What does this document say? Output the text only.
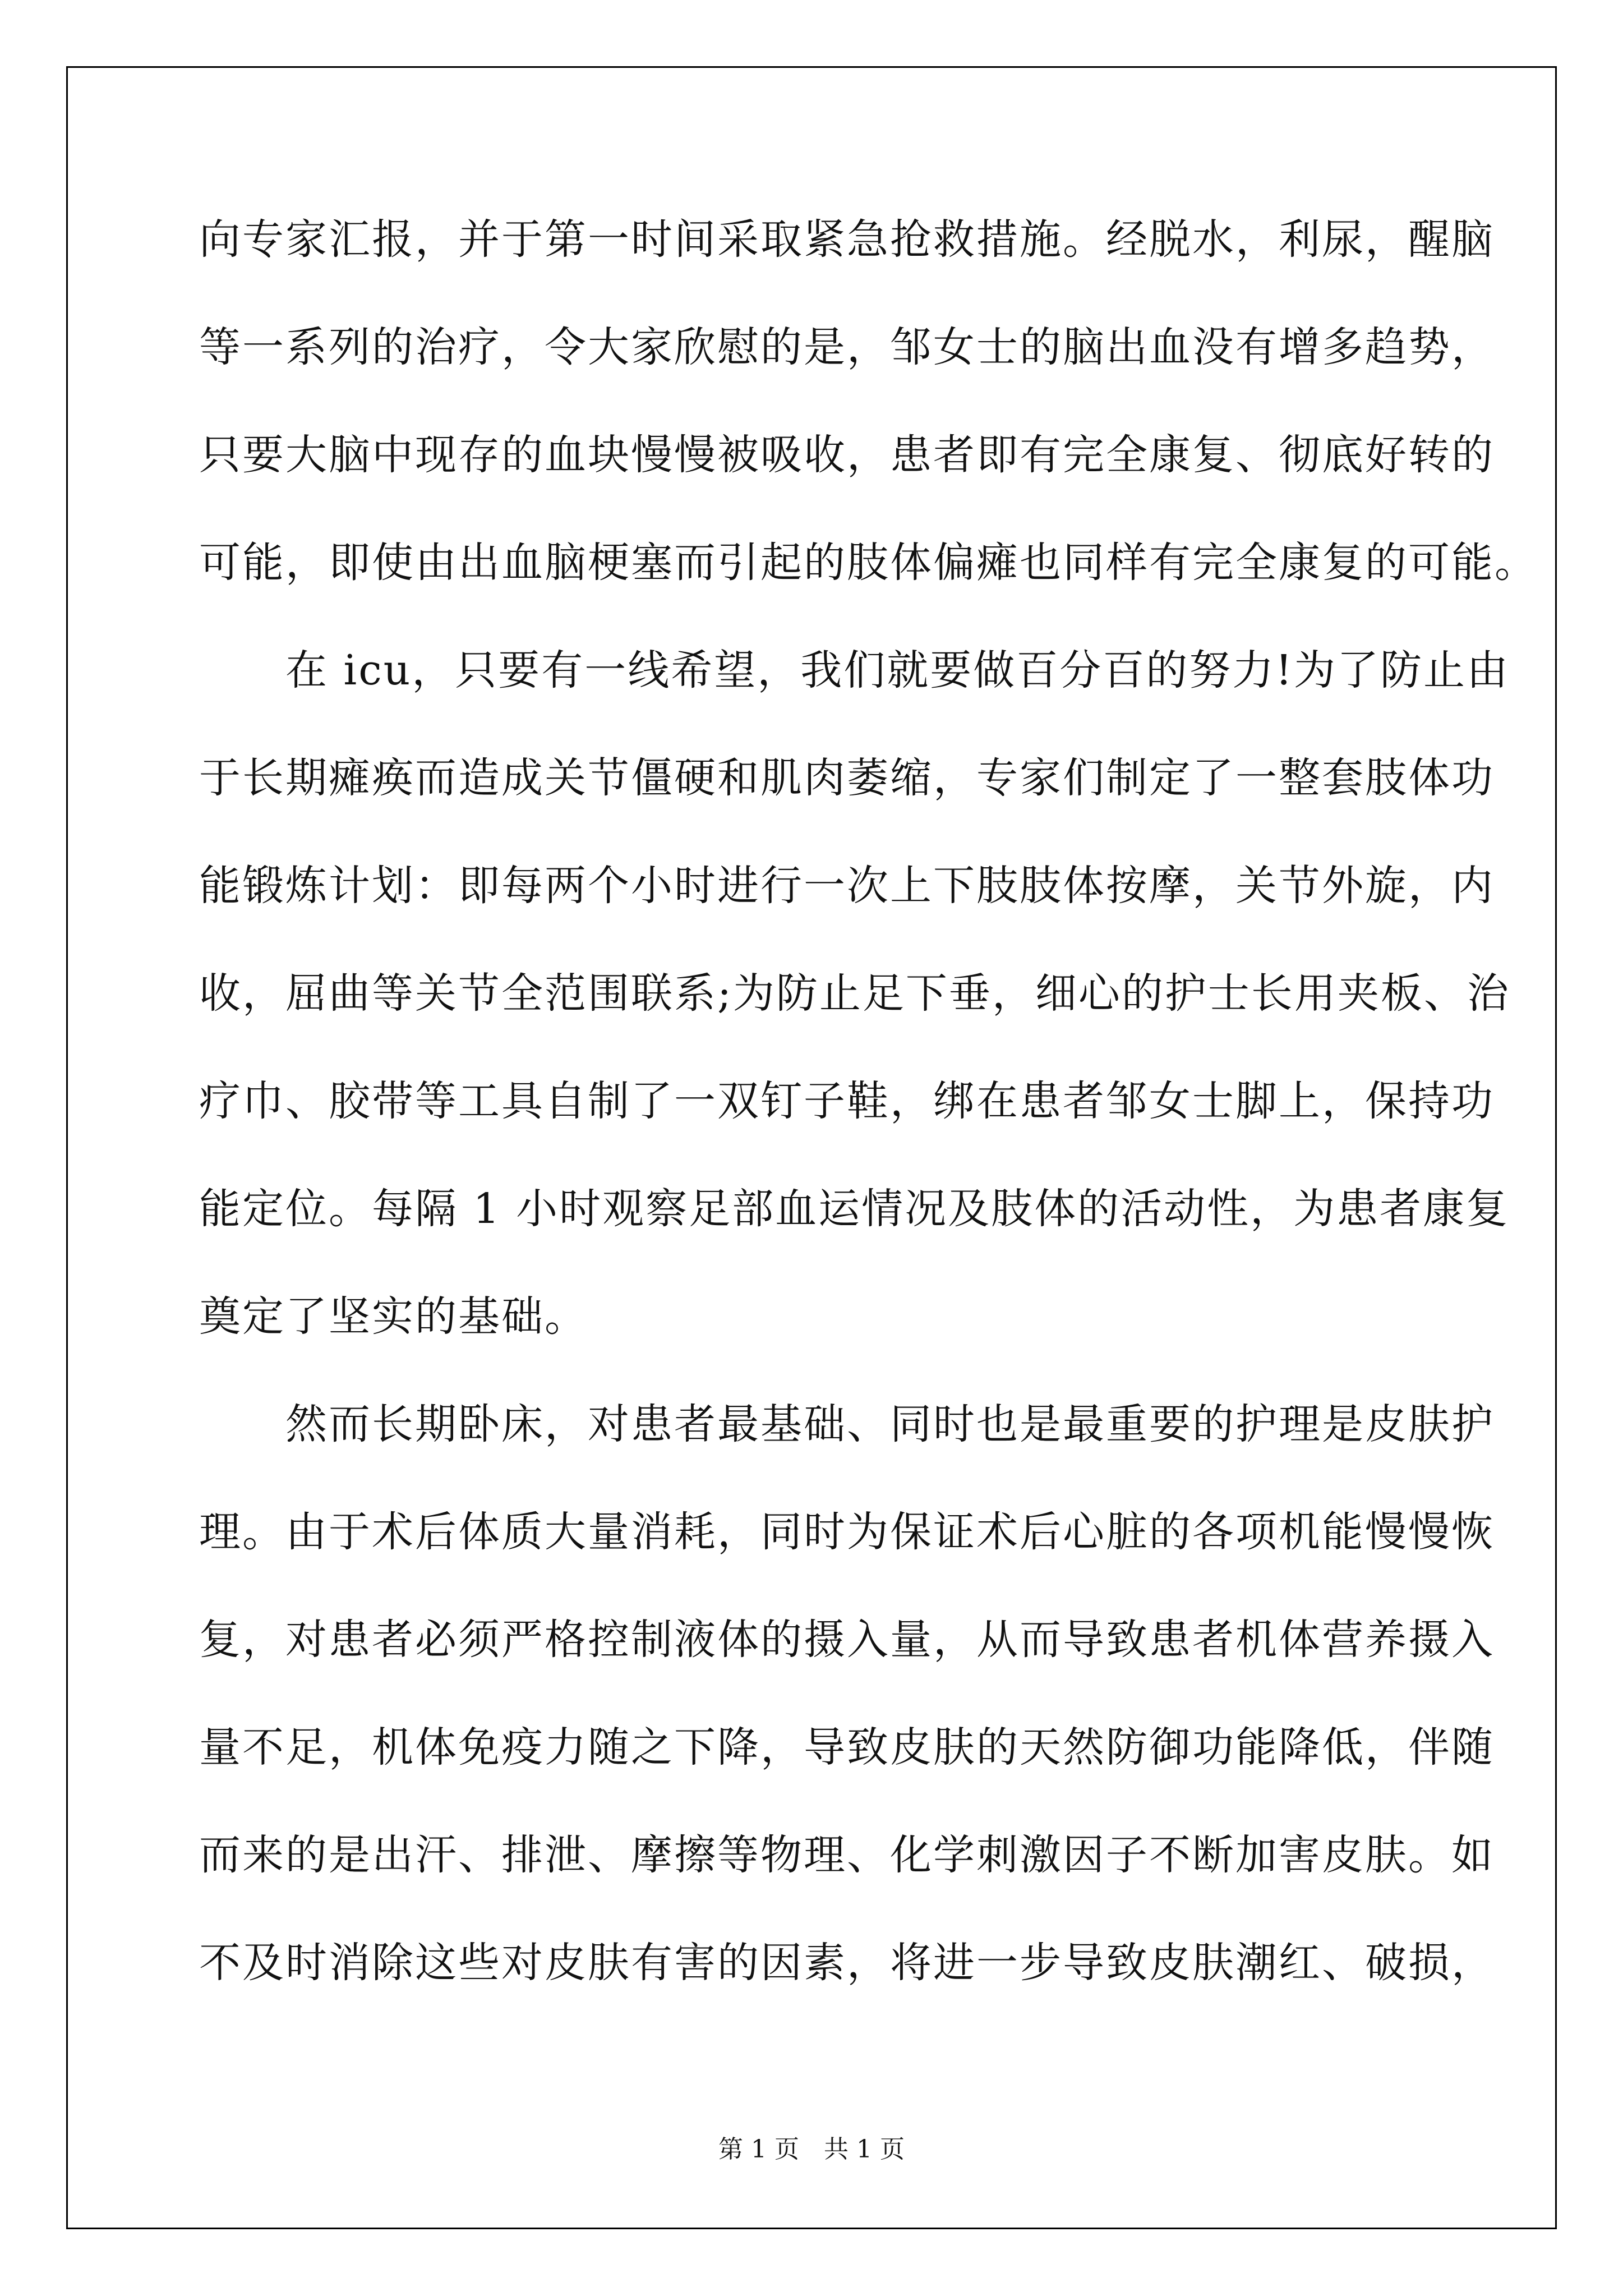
向专家汇报，并于第一时间采取紧急抢救措施。经脱水，利尿，醒脑
等一系列的治疗，令大家欣慰的是，邹女士的脑出血没有增多趋势，
只要大脑中现存的血块慢慢被吸收，患者即有完全康复、彻底好转的
可能，即使由出血脑梗塞而引起的肢体偏瘫也同样有完全康复的可能。
　　在 icu，只要有一线希望，我们就要做百分百的努力!为了防止由
于长期瘫痪而造成关节僵硬和肌肉萎缩，专家们制定了一整套肢体功
能锻炼计划：即每两个小时进行一次上下肢肢体按摩，关节外旋，内
收，屈曲等关节全范围联系;为防止足下垂，细心的护士长用夹板、治
疗巾、胶带等工具自制了一双钉子鞋，绑在患者邹女士脚上，保持功
能定位。每隔 1 小时观察足部血运情况及肢体的活动性，为患者康复
奠定了坚实的基础。
　　然而长期卧床，对患者最基础、同时也是最重要的护理是皮肤护
理。由于术后体质大量消耗，同时为保证术后心脏的各项机能慢慢恢
复，对患者必须严格控制液体的摄入量，从而导致患者机体营养摄入
量不足，机体免疫力随之下降，导致皮肤的天然防御功能降低，伴随
而来的是出汗、排泄、摩擦等物理、化学刺激因子不断加害皮肤。如
不及时消除这些对皮肤有害的因素，将进一步导致皮肤潮红、破损，
第 1 页　共 1 页
